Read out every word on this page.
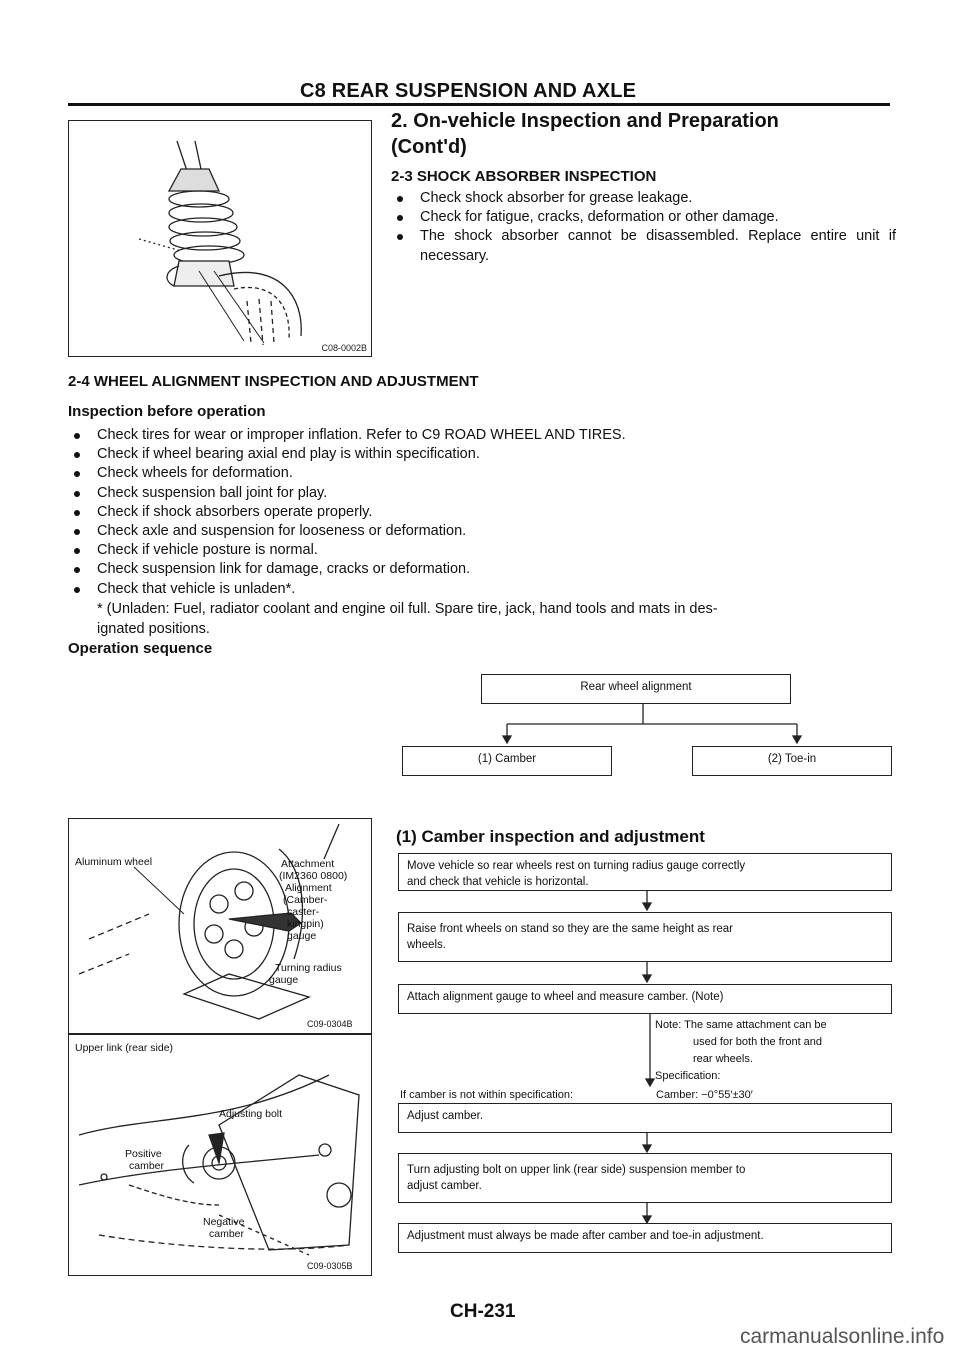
C8 REAR SUSPENSION AND AXLE
C08-0002B
2. On-vehicle Inspection and Preparation
(Cont'd)
2-3 SHOCK ABSORBER INSPECTION
Check shock absorber for grease leakage.
Check for fatigue, cracks, deformation or other damage.
The shock absorber cannot be disassembled. Replace entire unit if necessary.
2-4 WHEEL ALIGNMENT INSPECTION AND ADJUSTMENT
Inspection before operation
Check tires for wear or improper inflation. Refer to C9 ROAD WHEEL AND TIRES.
Check if wheel bearing axial end play is within specification.
Check wheels for deformation.
Check suspension ball joint for play.
Check if shock absorbers operate properly.
Check axle and suspension for looseness or deformation.
Check if vehicle posture is normal.
Check suspension link for damage, cracks or deformation.
Check that vehicle is unladen*.
* (Unladen: Fuel, radiator coolant and engine oil full. Spare tire, jack, hand tools and mats in des-
ignated positions.
Operation sequence
Rear wheel alignment
(1) Camber	(2) Toe-in
Aluminum wheel	Attachment
(IM2360 0800)
Alignment
(Camber-
caster-
kingpin)
gauge
Turning radius
gauge
C09-0304B
Upper link (rear side)
Adjusting bolt
Positive
camber
Negative
camber
C09-0305B
(1) Camber inspection and adjustment
Move vehicle so rear wheels rest on turning radius gauge correctly
and check that vehicle is horizontal.
Raise front wheels on stand so they are the same height as rear
wheels.
Attach alignment gauge to wheel and measure camber. (Note)
Note: The same attachment can be
used for both the front and
rear wheels.
Specification:
If camber is not within specification:	Camber: −0°55′±30′
Adjust camber.
Turn adjusting bolt on upper link (rear side) suspension member to
adjust camber.
Adjustment must always be made after camber and toe-in adjustment.
CH-231
carmanualsonline.info
